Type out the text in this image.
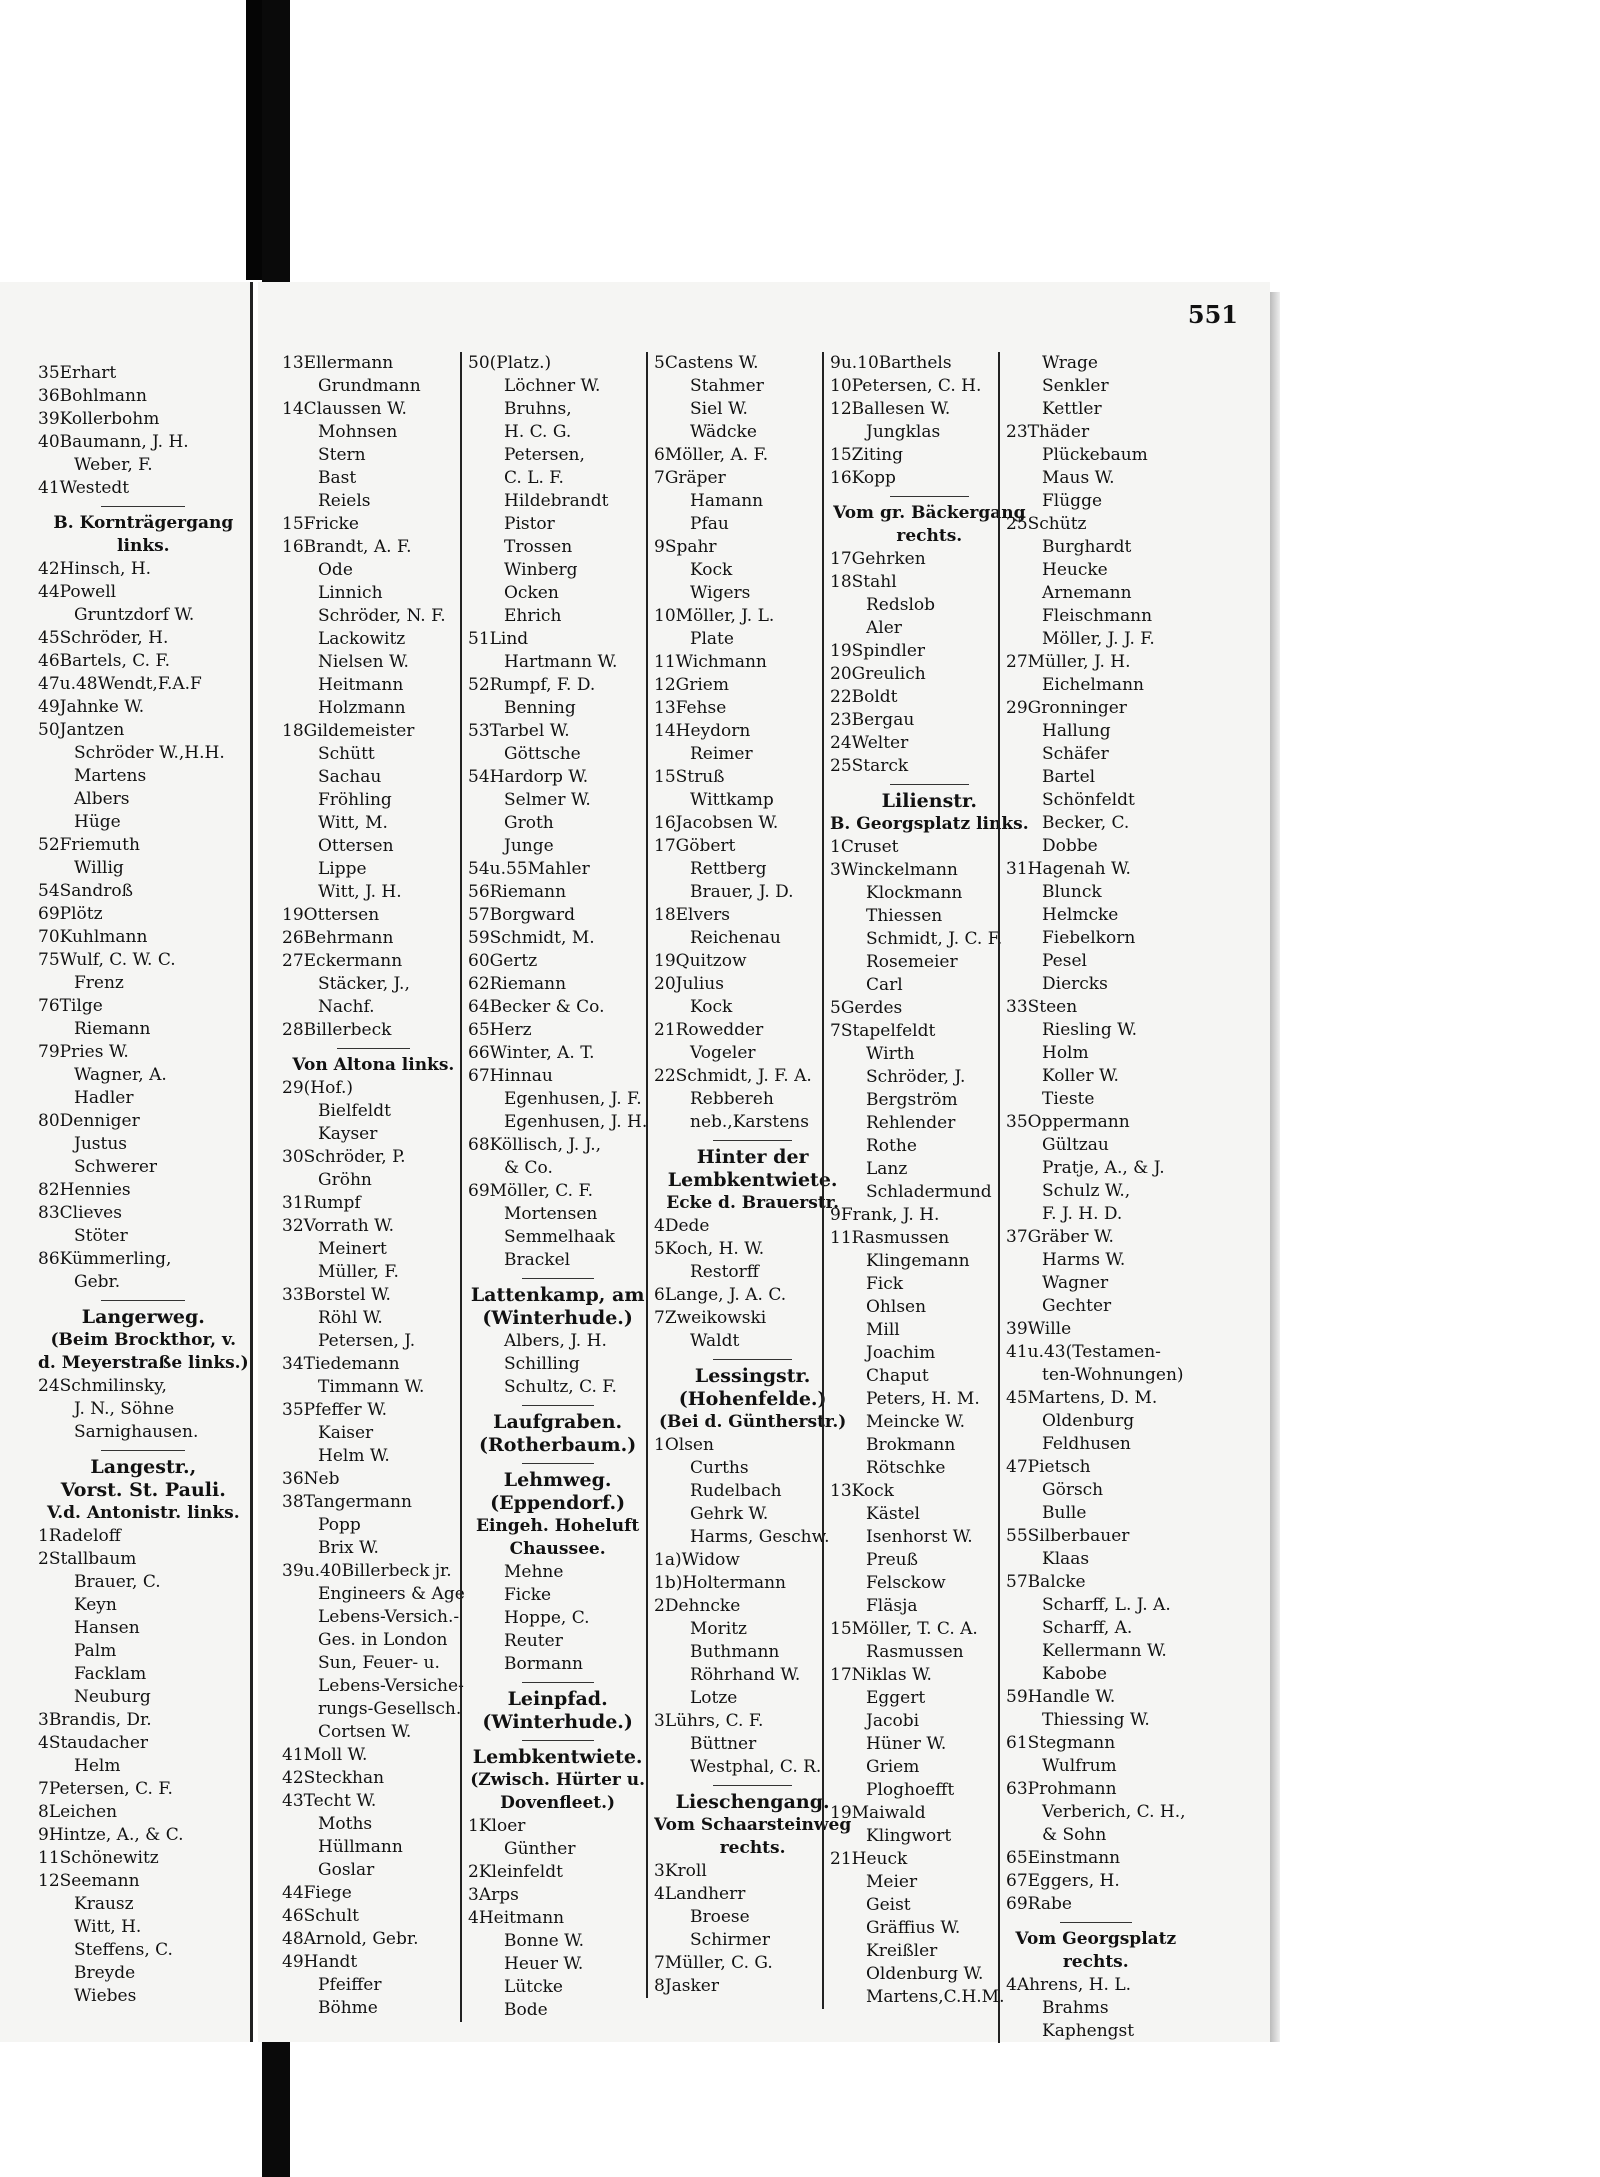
35Erhart
36Bohlmann
39Kollerbohm
40Baumann, J. H.
Weber, F.
41Westedt
B. Kornträgergang
links.
42Hinsch, H.
44Powell
Gruntzdorf W.
45Schröder, H.
46Bartels, C. F.
47u.48Wendt,F.A.F
49Jahnke W.
50Jantzen
Schröder W.,H.H.
Martens
Albers
Hüge
52Friemuth
Willig
54Sandroß
69Plötz
70Kuhlmann
75Wulf, C. W. C.
Frenz
76Tilge
Riemann
79Pries W.
Wagner, A.
Hadler
80Denniger
Justus
Schwerer
82Hennies
83Clieves
Stöter
86Kümmerling,
Gebr.
Langerweg.
(Beim Brockthor, v.
d. Meyerstraße links.)
24Schmilinsky,
J. N., Söhne
Sarnighausen.
Langestr.,
Vorst. St. Pauli.
V.d. Antonistr. links.
1Radeloff
2Stallbaum
Brauer, C.
Keyn
Hansen
Palm
Facklam
Neuburg
3Brandis, Dr.
4Staudacher
Helm
7Petersen, C. F.
8Leichen
9Hintze, A., & C.
11Schönewitz
12Seemann
Krausz
Witt, H.
Steffens, C.
Breyde
Wiebes
551
13Ellermann
Grundmann
14Claussen W.
Mohnsen
Stern
Bast
Reiels
15Fricke
16Brandt, A. F.
Ode
Linnich
Schröder, N. F.
Lackowitz
Nielsen W.
Heitmann
Holzmann
18Gildemeister
Schütt
Sachau
Fröhling
Witt, M.
Ottersen
Lippe
Witt, J. H.
19Ottersen
26Behrmann
27Eckermann
Stäcker, J.,
Nachf.
28Billerbeck
Von Altona links.
29(Hof.)
Bielfeldt
Kayser
30Schröder, P.
Gröhn
31Rumpf
32Vorrath W.
Meinert
Müller, F.
33Borstel W.
Röhl W.
Petersen, J.
34Tiedemann
Timmann W.
35Pfeffer W.
Kaiser
Helm W.
36Neb
38Tangermann
Popp
Brix W.
39u.40Billerbeck jr.
Engineers & Age
Lebens-Versich.-
Ges. in London
Sun, Feuer- u.
Lebens-Versiche-
rungs-Gesellsch.
Cortsen W.
41Moll W.
42Steckhan
43Techt W.
Moths
Hüllmann
Goslar
44Fiege
46Schult
48Arnold, Gebr.
49Handt
Pfeiffer
Böhme
50(Platz.)
Löchner W.
Bruhns,
H. C. G.
Petersen,
C. L. F.
Hildebrandt
Pistor
Trossen
Winberg
Ocken
Ehrich
51Lind
Hartmann W.
52Rumpf, F. D.
Benning
53Tarbel W.
Göttsche
54Hardorp W.
Selmer W.
Groth
Junge
54u.55Mahler
56Riemann
57Borgward
59Schmidt, M.
60Gertz
62Riemann
64Becker & Co.
65Herz
66Winter, A. T.
67Hinnau
Egenhusen, J. F.
Egenhusen, J. H.
68Köllisch, J. J.,
& Co.
69Möller, C. F.
Mortensen
Semmelhaak
Brackel
Lattenkamp, am
(Winterhude.)
Albers, J. H.
Schilling
Schultz, C. F.
Laufgraben.
(Rotherbaum.)
Lehmweg.
(Eppendorf.)
Eingeh. Hoheluft
Chaussee.
Mehne
Ficke
Hoppe, C.
Reuter
Bormann
Leinpfad.
(Winterhude.)
Lembkentwiete.
(Zwisch. Hürter u.
Dovenfleet.)
1Kloer
Günther
2Kleinfeldt
3Arps
4Heitmann
Bonne W.
Heuer W.
Lütcke
Bode
5Castens W.
Stahmer
Siel W.
Wädcke
6Möller, A. F.
7Gräper
Hamann
Pfau
9Spahr
Kock
Wigers
10Möller, J. L.
Plate
11Wichmann
12Griem
13Fehse
14Heydorn
Reimer
15Struß
Wittkamp
16Jacobsen W.
17Göbert
Rettberg
Brauer, J. D.
18Elvers
Reichenau
19Quitzow
20Julius
Kock
21Rowedder
Vogeler
22Schmidt, J. F. A.
Rebbereh
neb.,Karstens
Hinter der
Lembkentwiete.
Ecke d. Brauerstr.
4Dede
5Koch, H. W.
Restorff
6Lange, J. A. C.
7Zweikowski
Waldt
Lessingstr.
(Hohenfelde.)
(Bei d. Güntherstr.)
1Olsen
Curths
Rudelbach
Gehrk W.
Harms, Geschw.
1a)Widow
1b)Holtermann
2Dehncke
Moritz
Buthmann
Röhrhand W.
Lotze
3Lührs, C. F.
Büttner
Westphal, C. R.
Lieschengang.
Vom Schaarsteinweg
rechts.
3Kroll
4Landherr
Broese
Schirmer
7Müller, C. G.
8Jasker
9u.10Barthels
10Petersen, C. H.
12Ballesen W.
Jungklas
15Ziting
16Kopp
Vom gr. Bäckergang
rechts.
17Gehrken
18Stahl
Redslob
Aler
19Spindler
20Greulich
22Boldt
23Bergau
24Welter
25Starck
Lilienstr.
B. Georgsplatz links.
1Cruset
3Winckelmann
Klockmann
Thiessen
Schmidt, J. C. F.
Rosemeier
Carl
5Gerdes
7Stapelfeldt
Wirth
Schröder, J.
Bergström
Rehlender
Rothe
Lanz
Schladermund
9Frank, J. H.
11Rasmussen
Klingemann
Fick
Ohlsen
Mill
Joachim
Chaput
Peters, H. M.
Meincke W.
Brokmann
Rötschke
13Kock
Kästel
Isenhorst W.
Preuß
Felsckow
Fläsja
15Möller, T. C. A.
Rasmussen
17Niklas W.
Eggert
Jacobi
Hüner W.
Griem
Ploghoefft
19Maiwald
Klingwort
21Heuck
Meier
Geist
Gräffius W.
Kreißler
Oldenburg W.
Martens,C.H.M.
Wrage
Senkler
Kettler
23Thäder
Plückebaum
Maus W.
Flügge
25Schütz
Burghardt
Heucke
Arnemann
Fleischmann
Möller, J. J. F.
27Müller, J. H.
Eichelmann
29Gronninger
Hallung
Schäfer
Bartel
Schönfeldt
Becker, C.
Dobbe
31Hagenah W.
Blunck
Helmcke
Fiebelkorn
Pesel
Diercks
33Steen
Riesling W.
Holm
Koller W.
Tieste
35Oppermann
Gültzau
Pratje, A., & J.
Schulz W.,
F. J. H. D.
37Gräber W.
Harms W.
Wagner
Gechter
39Wille
41u.43(Testamen-
ten-Wohnungen)
45Martens, D. M.
Oldenburg
Feldhusen
47Pietsch
Görsch
Bulle
55Silberbauer
Klaas
57Balcke
Scharff, L. J. A.
Scharff, A.
Kellermann W.
Kabobe
59Handle W.
Thiessing W.
61Stegmann
Wulfrum
63Prohmann
Verberich, C. H.,
& Sohn
65Einstmann
67Eggers, H.
69Rabe
Vom Georgsplatz
rechts.
4Ahrens, H. L.
Brahms
Kaphengst
